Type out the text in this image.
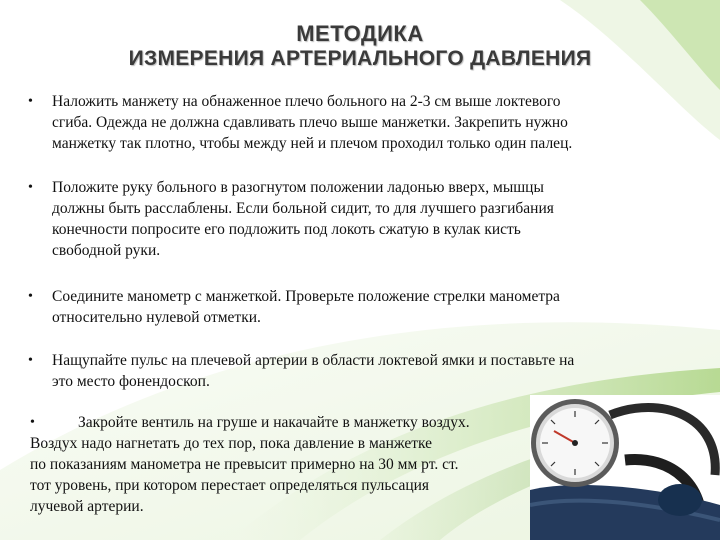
МЕТОДИКА
ИЗМЕРЕНИЯ АРТЕРИАЛЬНОГО ДАВЛЕНИЯ
• Наложить манжету на обнаженное плечо больного на 2-3 см выше локтевого
сгиба. Одежда не должна сдавливать плечо выше манжетки. Закрепить нужно
манжетку так плотно, чтобы между ней и плечом проходил только один палец.
• Положите руку больного в разогнутом положении ладонью вверх, мышцы
должны быть расслаблены. Если больной сидит, то для лучшего разгибания
конечности попросите его подложить под локоть сжатую в кулак кисть
свободной руки.
• Соедините манометр с манжеткой. Проверьте положение стрелки манометра
относительно нулевой отметки.
• Нащупайте пульс на плечевой артерии в области локтевой ямки и поставьте на
это место фонендоскоп.
•	Закройте вентиль на груше и накачайте в манжетку воздух.
Воздух надо нагнетать до тех пор, пока давление в манжетке
по показаниям манометра не превысит примерно на 30 мм рт. ст.
тот уровень, при котором перестает определяться пульсация
лучевой артерии.
